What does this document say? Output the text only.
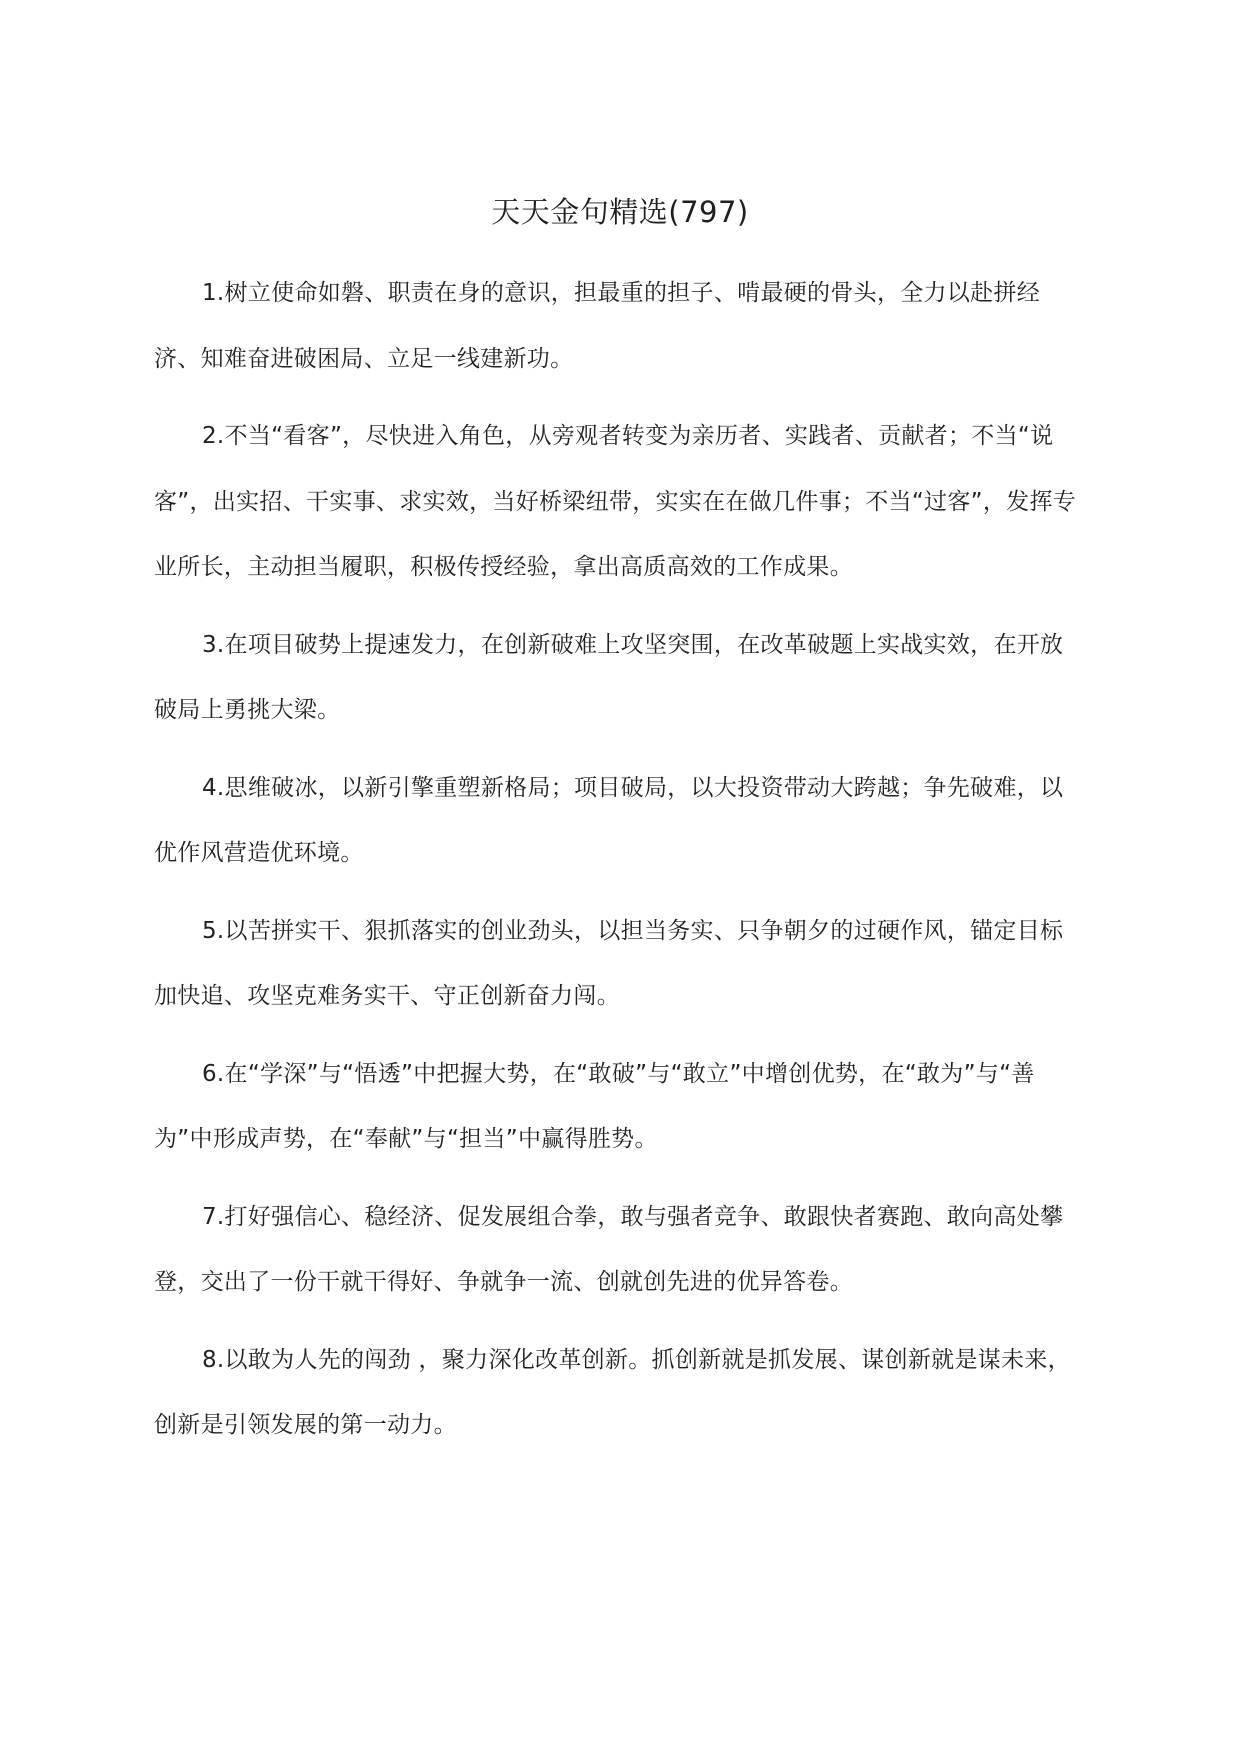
天天金句精选(797)

1.树立使命如磐、职责在身的意识，担最重的担子、啃最硬的骨头，全力以赴拼经济、知难奋进破困局、立足一线建新功。

2.不当“看客”，尽快进入角色，从旁观者转变为亲历者、实践者、贡献者；不当“说客”，出实招、干实事、求实效，当好桥梁纽带，实实在在做几件事；不当“过客”，发挥专业所长，主动担当履职，积极传授经验，拿出高质高效的工作成果。

3.在项目破势上提速发力，在创新破难上攻坚突围，在改革破题上实战实效，在开放破局上勇挑大梁。

4.思维破冰，以新引擎重塑新格局；项目破局，以大投资带动大跨越；争先破难，以优作风营造优环境。

5.以苦拼实干、狠抓落实的创业劲头，以担当务实、只争朝夕的过硬作风，锚定目标加快追、攻坚克难务实干、守正创新奋力闯。

6.在“学深”与“悟透”中把握大势，在“敢破”与“敢立”中增创优势，在“敢为”与“善为”中形成声势，在“奉献”与“担当”中赢得胜势。

7.打好强信心、稳经济、促发展组合拳，敢与强者竞争、敢跟快者赛跑、敢向高处攀登，交出了一份干就干得好、争就争一流、创就创先进的优异答卷。

8.以敢为人先的闯劲 ，聚力深化改革创新。抓创新就是抓发展、谋创新就是谋未来，创新是引领发展的第一动力。
